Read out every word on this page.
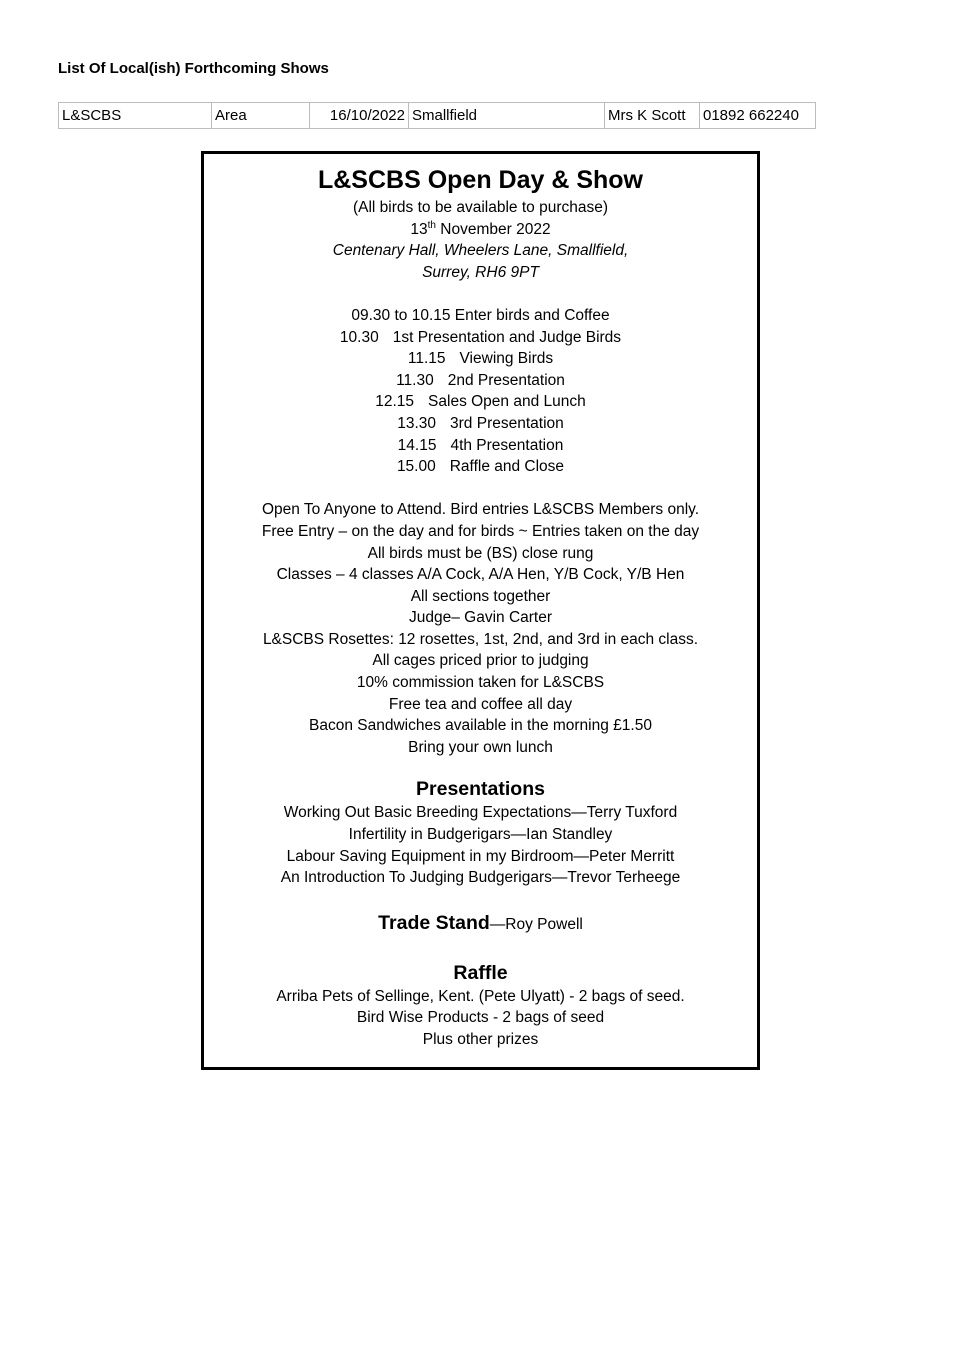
List Of Local(ish) Forthcoming Shows
L&SCBS	Area	16/10/2022	Smallfield	Mrs K Scott	01892 662240
L&SCBS Open Day & Show
(All birds to be available to purchase)
13th November 2022
Centenary Hall, Wheelers Lane, Smallfield,
Surrey, RH6 9PT
09.30 to 10.15 Enter birds and Coffee
10.30 1st Presentation and Judge Birds
11.15 Viewing Birds
11.30 2nd Presentation
12.15 Sales Open and Lunch
13.30 3rd Presentation
14.15 4th Presentation
15.00 Raffle and Close
Open To Anyone to Attend. Bird entries L&SCBS Members only.
Free Entry – on the day and for birds ~ Entries taken on the day
All birds must be (BS) close rung
Classes – 4 classes A/A Cock, A/A Hen, Y/B Cock, Y/B Hen
All sections together
Judge– Gavin Carter
L&SCBS Rosettes: 12 rosettes, 1st, 2nd, and 3rd in each class.
All cages priced prior to judging
10% commission taken for L&SCBS
Free tea and coffee all day
Bacon Sandwiches available in the morning £1.50
Bring your own lunch
Presentations
Working Out Basic Breeding Expectations—Terry Tuxford
Infertility in Budgerigars—Ian Standley
Labour Saving Equipment in my Birdroom—Peter Merritt
An Introduction To Judging Budgerigars—Trevor Terheege
Trade Stand—Roy Powell
Raffle
Arriba Pets of Sellinge, Kent. (Pete Ulyatt) - 2 bags of seed.
Bird Wise Products - 2 bags of seed
Plus other prizes
